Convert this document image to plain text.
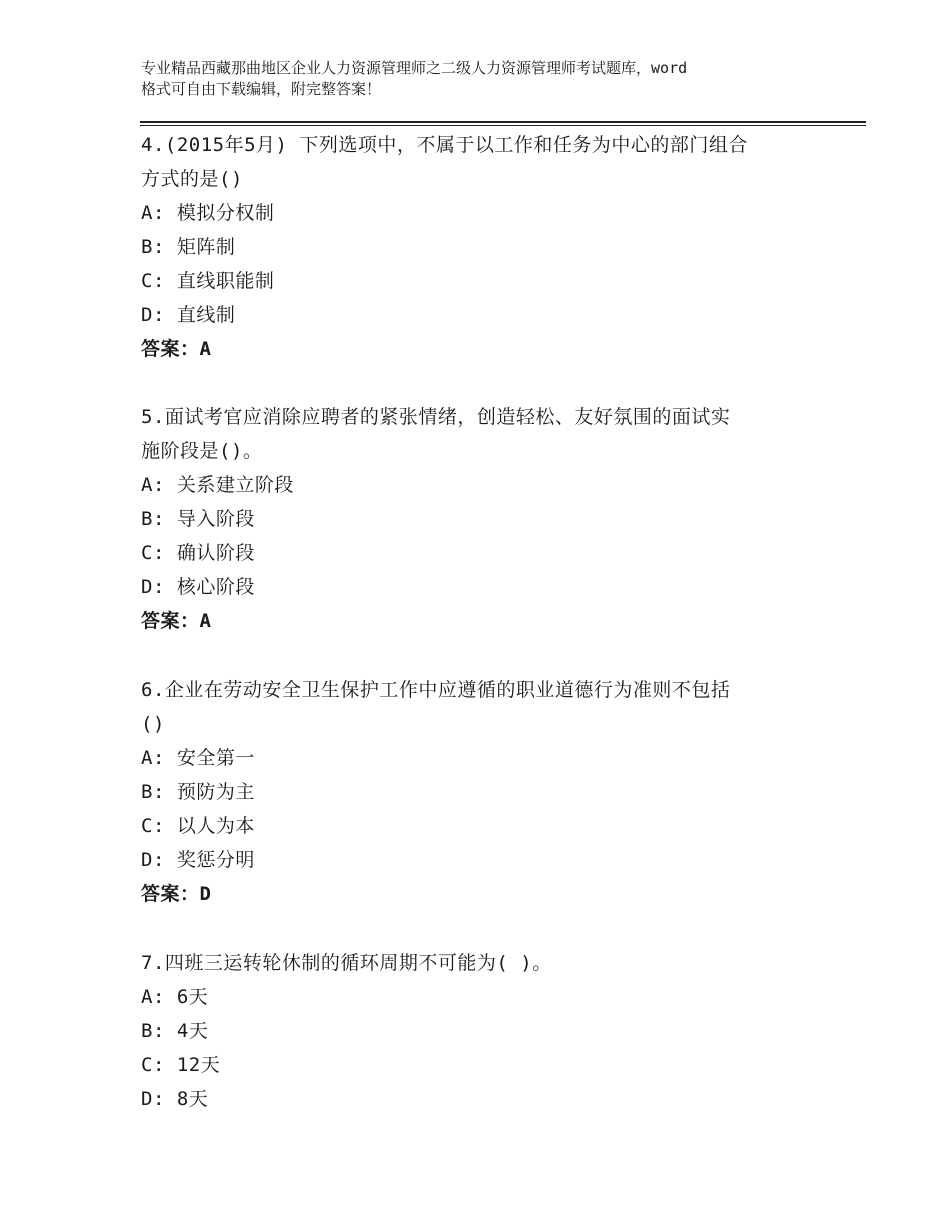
专业精品西藏那曲地区企业人力资源管理师之二级人力资源管理师考试题库，word
格式可自由下载编辑，附完整答案！
4.(2015年5月) 下列选项中，不属于以工作和任务为中心的部门组合
方式的是()
A: 模拟分权制
B: 矩阵制
C: 直线职能制
D: 直线制
答案：A
5.面试考官应消除应聘者的紧张情绪，创造轻松、友好氛围的面试实
施阶段是()。
A: 关系建立阶段
B: 导入阶段
C: 确认阶段
D: 核心阶段
答案：A
6.企业在劳动安全卫生保护工作中应遵循的职业道德行为准则不包括
()
A: 安全第一
B: 预防为主
C: 以人为本
D: 奖惩分明
答案：D
7.四班三运转轮休制的循环周期不可能为( )。
A: 6天
B: 4天
C: 12天
D: 8天
